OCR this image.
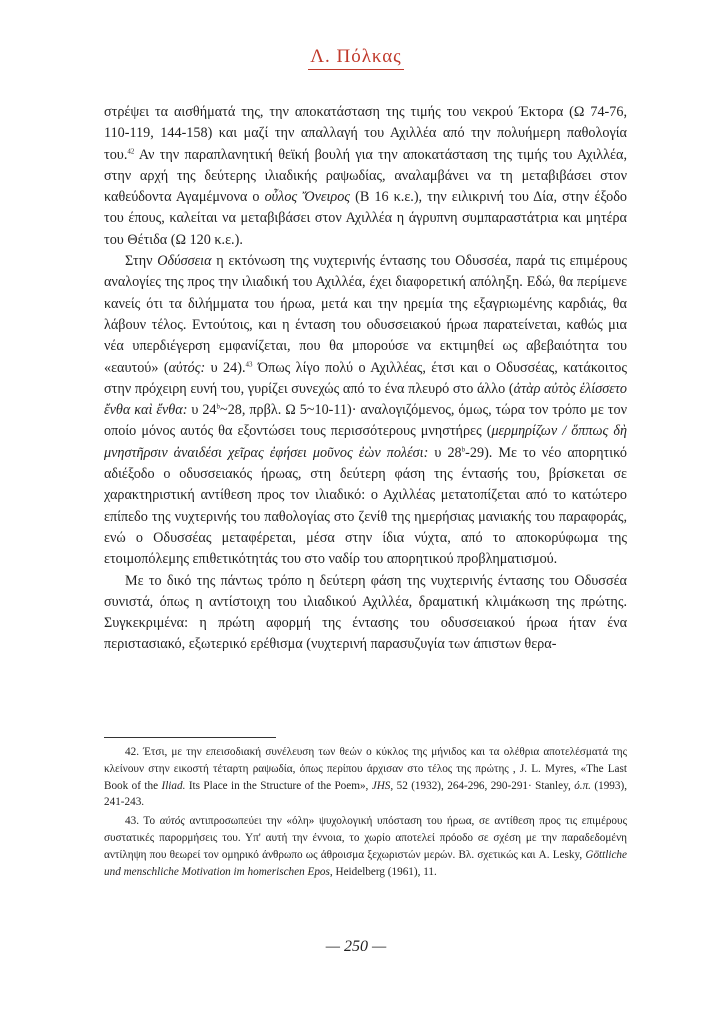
Λ. Πόλκας

στρέψει τα αισθήματά της, την αποκατάσταση της τιμής του νεκρού Έκτορα (Ω 74-76, 110-119, 144-158) και μαζί την απαλλαγή του Αχιλλέα από την πολυήμερη παθολογία του.$^{42}$ Αν την παραπλανητική θεϊκή βουλή για την αποκατάσταση της τιμής του Αχιλλέα, στην αρχή της δεύτερης ιλιαδικής ραψωδίας, αναλαμβάνει να τη μεταβιβάσει στον καθεύδοντα Αγαμέμνονα ο οὖλος Ὄνειρος (Β 16 κ.ε.), την ειλικρινή του Δία, στην έξοδο του έπους, καλείται να μεταβιβάσει στον Αχιλλέα η άγρυπνη συμπαραστάτρια και μητέρα του Θέτιδα (Ω 120 κ.ε.).

Στην Οδύσσεια η εκτόνωση της νυχτερινής έντασης του Οδυσσέα, παρά τις επιμέρους αναλογίες της προς την ιλιαδική του Αχιλλέα, έχει διαφορετική απόληξη. Εδώ, θα περίμενε κανείς ότι τα διλήμματα του ήρωα, μετά και την ηρεμία της εξαγριωμένης καρδιάς, θα λάβουν τέλος. Εντούτοις, και η ένταση του οδυσσειακού ήρωα παρατείνεται, καθώς μια νέα υπερδιέγερση εμφανίζεται, που θα μπορούσε να εκτιμηθεί ως αβεβαιότητα του «εαυτού» (αὐτός: υ 24).$^{43}$ Όπως λίγο πολύ ο Αχιλλέας, έτσι και ο Οδυσσέας, κατάκοιτος στην πρόχειρη ευνή του, γυρίζει συνεχώς από το ένα πλευρό στο άλλο (ἀτὰρ αὐτὸς ἑλίσσετο ἔνθα καὶ ἔνθα: υ 24$^b$~28, πρβλ. Ω 5~10-11)· αναλογιζόμενος, όμως, τώρα τον τρόπο με τον οποίο μόνος αυτός θα εξοντώσει τους περισσότερους μνηστήρες (μερμηρίζων / ὅππως δὴ μνηστῆρσιν ἀναιδέσι χεῖρας ἐφήσει μοῦνος ἐὼν πολέσι: υ 28$^b$-29). Με το νέο απορητικό αδιέξοδο ο οδυσσειακός ήρωας, στη δεύτερη φάση της έντασής του, βρίσκεται σε χαρακτηριστική αντίθεση προς τον ιλιαδικό: ο Αχιλλέας μετατοπίζεται από το κατώτερο επίπεδο της νυχτερινής του παθολογίας στο ζενίθ της ημερήσιας μανιακής του παραφοράς, ενώ ο Οδυσσέας μεταφέρεται, μέσα στην ίδια νύχτα, από το αποκορύφωμα της ετοιμοπόλεμης επιθετικότητάς του στο ναδίρ του απορητικού προβληματισμού.

Με το δικό της πάντως τρόπο η δεύτερη φάση της νυχτερινής έντασης του Οδυσσέα συνιστά, όπως η αντίστοιχη του ιλιαδικού Αχιλλέα, δραματική κλιμάκωση της πρώτης. Συγκεκριμένα: η πρώτη αφορμή της έντασης του οδυσσειακού ήρωα ήταν ένα περιστασιακό, εξωτερικό ερέθισμα (νυχτερινή παρασυζυγία των άπιστων θερα-

42. Έτσι, με την επεισοδιακή συνέλευση των θεών ο κύκλος της μήνιδος και τα ολέθρια αποτελέσματά της κλείνουν στην εικοστή τέταρτη ραψωδία, όπως περίπου άρχισαν στο τέλος της πρώτης , J. L. Myres, «The Last Book of the Iliad. Its Place in the Structure of the Poem», JHS, 52 (1932), 264-296, 290-291· Stanley, ό.π. (1993), 241-243.

43. Το αὐτός αντιπροσωπεύει την «όλη» ψυχολογική υπόσταση του ήρωα, σε αντίθεση προς τις επιμέρους συστατικές παρορμήσεις του. Υπ' αυτή την έννοια, το χωρίο αποτελεί πρόοδο σε σχέση με την παραδεδομένη αντίληψη που θεωρεί τον ομηρικό άνθρωπο ως άθροισμα ξεχωριστών μερών. Βλ. σχετικώς και A. Lesky, Göttliche und menschliche Motivation im homerischen Epos, Heidelberg (1961), 11.

— 250 —
